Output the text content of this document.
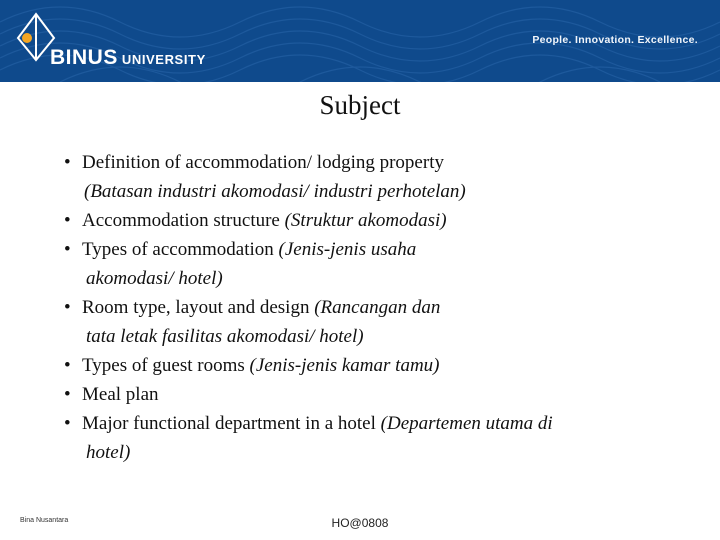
BINUS UNIVERSITY
People. Innovation. Excellence.
Subject
• Definition of accommodation/ lodging property
(Batasan industri akomodasi/ industri perhotelan)
• Accommodation structure (Struktur akomodasi)
• Types of accommodation (Jenis-jenis usaha
akomodasi/ hotel)
• Room type, layout and design (Rancangan dan
tata letak fasilitas akomodasi/ hotel)
• Types of guest rooms (Jenis-jenis kamar tamu)
• Meal plan
• Major functional department in a hotel (Departemen utama di
hotel)
Bina Nusantara	HO@0808
